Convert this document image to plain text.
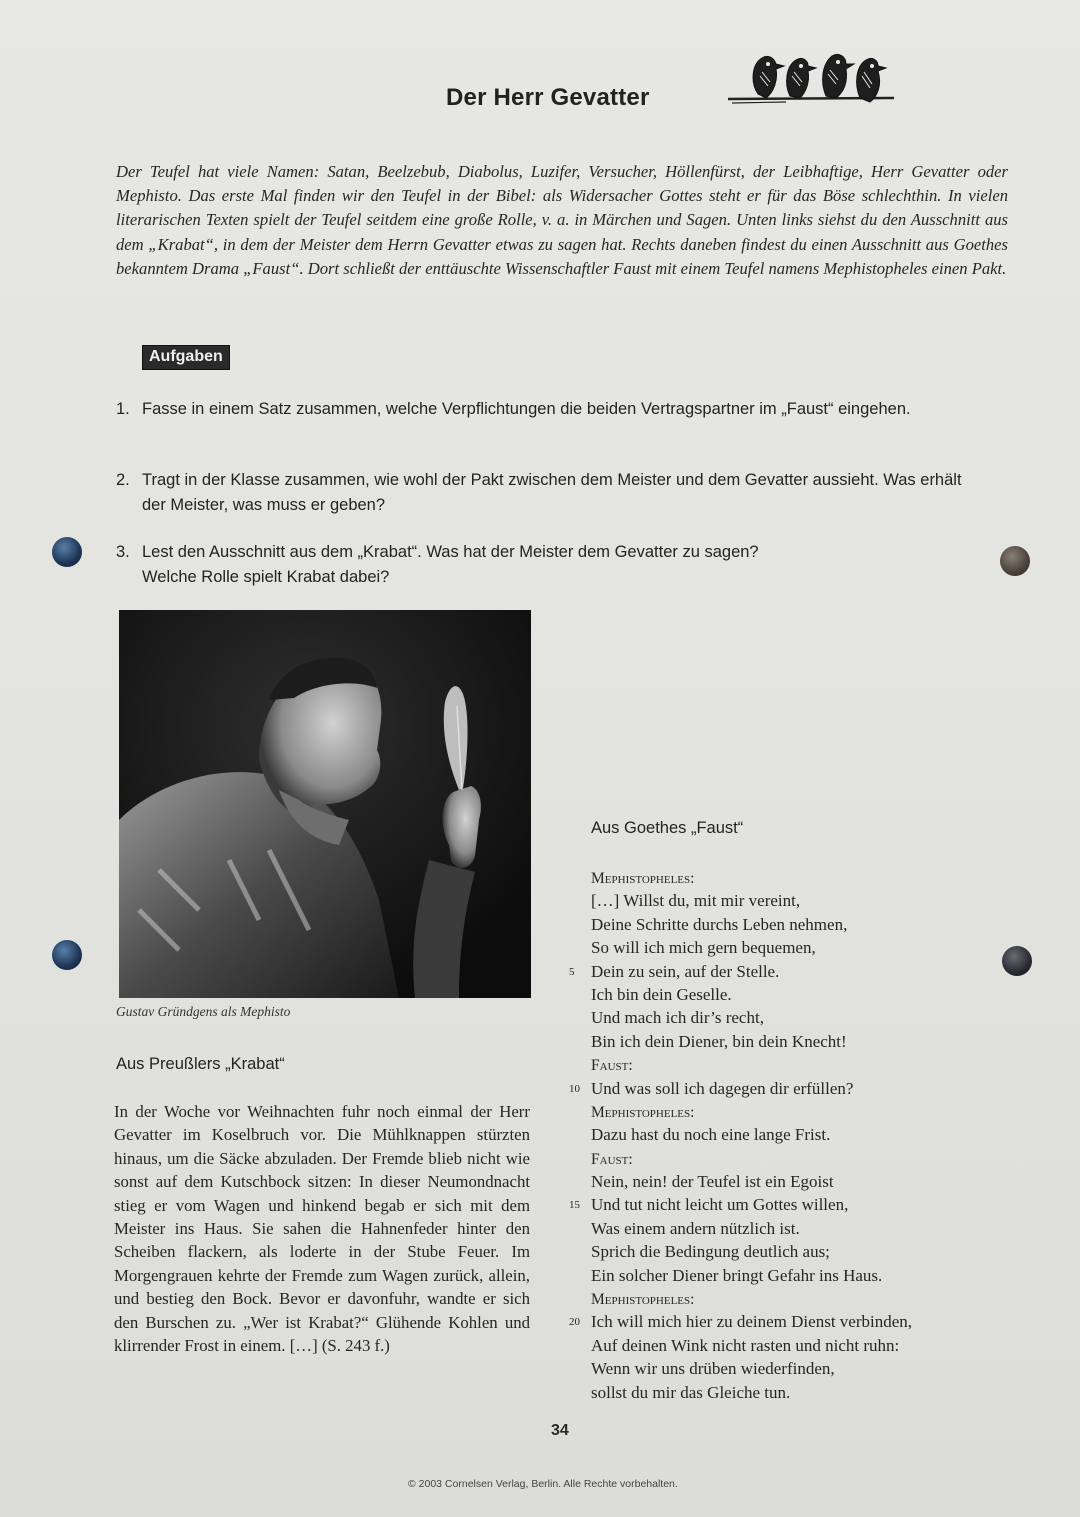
Der Herr Gevatter
Der Teufel hat viele Namen: Satan, Beelzebub, Diabolus, Luzifer, Versucher, Höllenfürst, der Leibhaftige, Herr Gevatter oder Mephisto. Das erste Mal finden wir den Teufel in der Bibel: als Widersacher Gottes steht er für das Böse schlechthin. In vielen literarischen Texten spielt der Teufel seitdem eine große Rolle, v. a. in Märchen und Sagen. Unten links siehst du den Ausschnitt aus dem „Krabat“, in dem der Meister dem Herrn Gevatter etwas zu sagen hat. Rechts daneben findest du einen Ausschnitt aus Goethes bekanntem Drama „Faust“. Dort schließt der enttäuschte Wissenschaftler Faust mit einem Teufel namens Mephistopheles einen Pakt.
Aufgaben
1. Fasse in einem Satz zusammen, welche Verpflichtungen die beiden Vertragspartner im „Faust“ eingehen.
2. Tragt in der Klasse zusammen, wie wohl der Pakt zwischen dem Meister und dem Gevatter aussieht. Was erhält der Meister, was muss er geben?
3. Lest den Ausschnitt aus dem „Krabat“. Was hat der Meister dem Gevatter zu sagen? Welche Rolle spielt Krabat dabei?
Gustav Gründgens als Mephisto
Aus Preußlers „Krabat“
In der Woche vor Weihnachten fuhr noch einmal der Herr Gevatter im Koselbruch vor. Die Mühlknappen stürzten hinaus, um die Säcke abzuladen. Der Fremde blieb nicht wie sonst auf dem Kutschbock sitzen: In dieser Neumondnacht stieg er vom Wagen und hinkend begab er sich mit dem Meister ins Haus. Sie sahen die Hahnenfeder hinter den Scheiben flackern, als loderte in der Stube Feuer. Im Morgengrauen kehrte der Fremde zum Wagen zurück, allein, und bestieg den Bock. Bevor er davonfuhr, wandte er sich den Burschen zu. „Wer ist Krabat?“ Glühende Kohlen und klirrender Frost in einem. […] (S. 243 f.)
Aus Goethes „Faust“
Mephistopheles:
[…] Willst du, mit mir vereint,
Deine Schritte durchs Leben nehmen,
So will ich mich gern bequemen,
5 Dein zu sein, auf der Stelle.
Ich bin dein Geselle.
Und mach ich dir’s recht,
Bin ich dein Diener, bin dein Knecht!
Faust:
10 Und was soll ich dagegen dir erfüllen?
Mephistopheles:
Dazu hast du noch eine lange Frist.
Faust:
Nein, nein! der Teufel ist ein Egoist
15 Und tut nicht leicht um Gottes willen,
Was einem andern nützlich ist.
Sprich die Bedingung deutlich aus;
Ein solcher Diener bringt Gefahr ins Haus.
Mephistopheles:
20 Ich will mich hier zu deinem Dienst verbinden,
Auf deinen Wink nicht rasten und nicht ruhn:
Wenn wir uns drüben wiederfinden,
sollst du mir das Gleiche tun.
34
© 2003 Cornelsen Verlag, Berlin. Alle Rechte vorbehalten.
